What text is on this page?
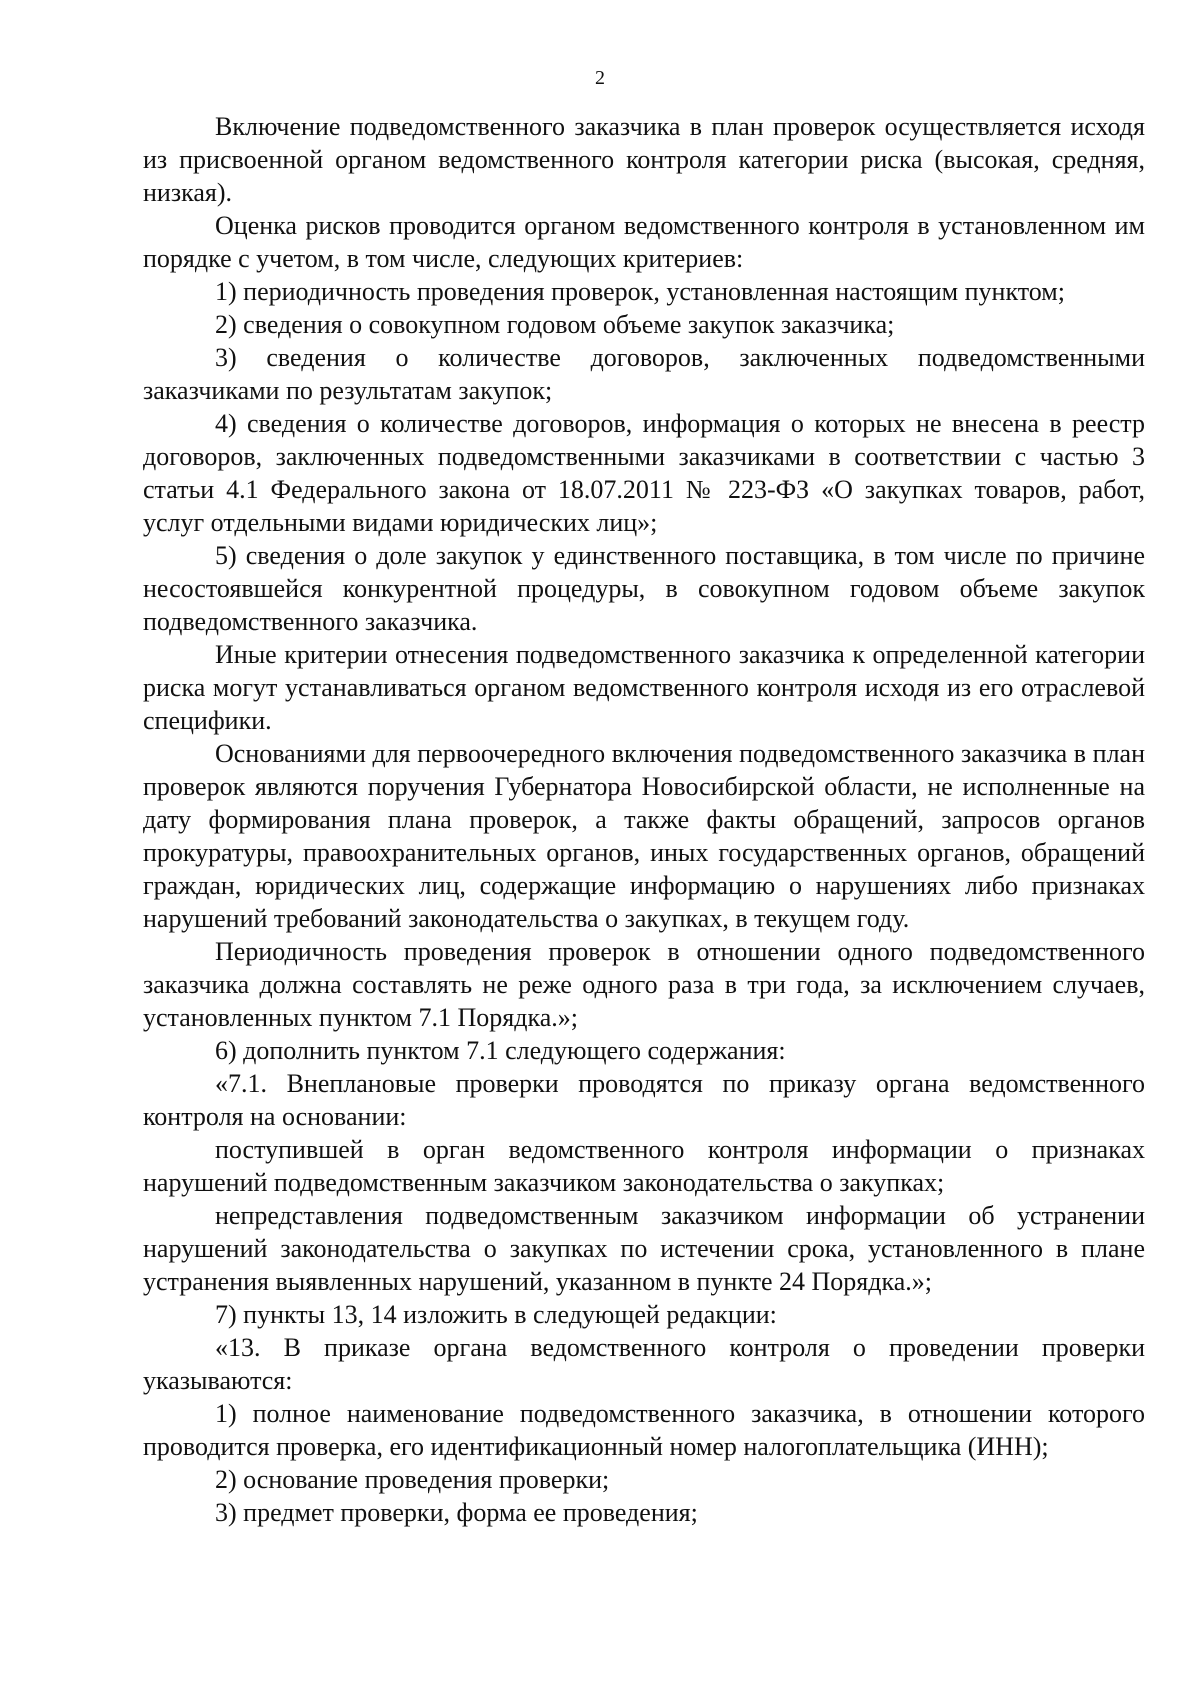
2

Включение подведомственного заказчика в план проверок осуществляется исходя из присвоенной органом ведомственного контроля категории риска (высокая, средняя, низкая).

Оценка рисков проводится органом ведомственного контроля в установленном им порядке с учетом, в том числе, следующих критериев:

1) периодичность проведения проверок, установленная настоящим пунктом;

2) сведения о совокупном годовом объеме закупок заказчика;

3) сведения о количестве договоров, заключенных подведомственными заказчиками по результатам закупок;

4) сведения о количестве договоров, информация о которых не внесена в реестр договоров, заключенных подведомственными заказчиками в соответствии с частью 3 статьи 4.1 Федерального закона от 18.07.2011 № 223-ФЗ «О закупках товаров, работ, услуг отдельными видами юридических лиц»;

5) сведения о доле закупок у единственного поставщика, в том числе по причине несостоявшейся конкурентной процедуры, в совокупном годовом объеме закупок подведомственного заказчика.

Иные критерии отнесения подведомственного заказчика к определенной категории риска могут устанавливаться органом ведомственного контроля исходя из его отраслевой специфики.

Основаниями для первоочередного включения подведомственного заказчика в план проверок являются поручения Губернатора Новосибирской области, не исполненные на дату формирования плана проверок, а также факты обращений, запросов органов прокуратуры, правоохранительных органов, иных государственных органов, обращений граждан, юридических лиц, содержащие информацию о нарушениях либо признаках нарушений требований законодательства о закупках, в текущем году.

Периодичность проведения проверок в отношении одного подведомственного заказчика должна составлять не реже одного раза в три года, за исключением случаев, установленных пунктом 7.1 Порядка.»;

6) дополнить пунктом 7.1 следующего содержания:

«7.1. Внеплановые проверки проводятся по приказу органа ведомственного контроля на основании:

поступившей в орган ведомственного контроля информации о признаках нарушений подведомственным заказчиком законодательства о закупках;

непредставления подведомственным заказчиком информации об устранении нарушений законодательства о закупках по истечении срока, установленного в плане устранения выявленных нарушений, указанном в пункте 24 Порядка.»;

7) пункты 13, 14 изложить в следующей редакции:

«13. В приказе органа ведомственного контроля о проведении проверки указываются:

1) полное наименование подведомственного заказчика, в отношении которого проводится проверка, его идентификационный номер налогоплательщика (ИНН);

2) основание проведения проверки;

3) предмет проверки, форма ее проведения;
